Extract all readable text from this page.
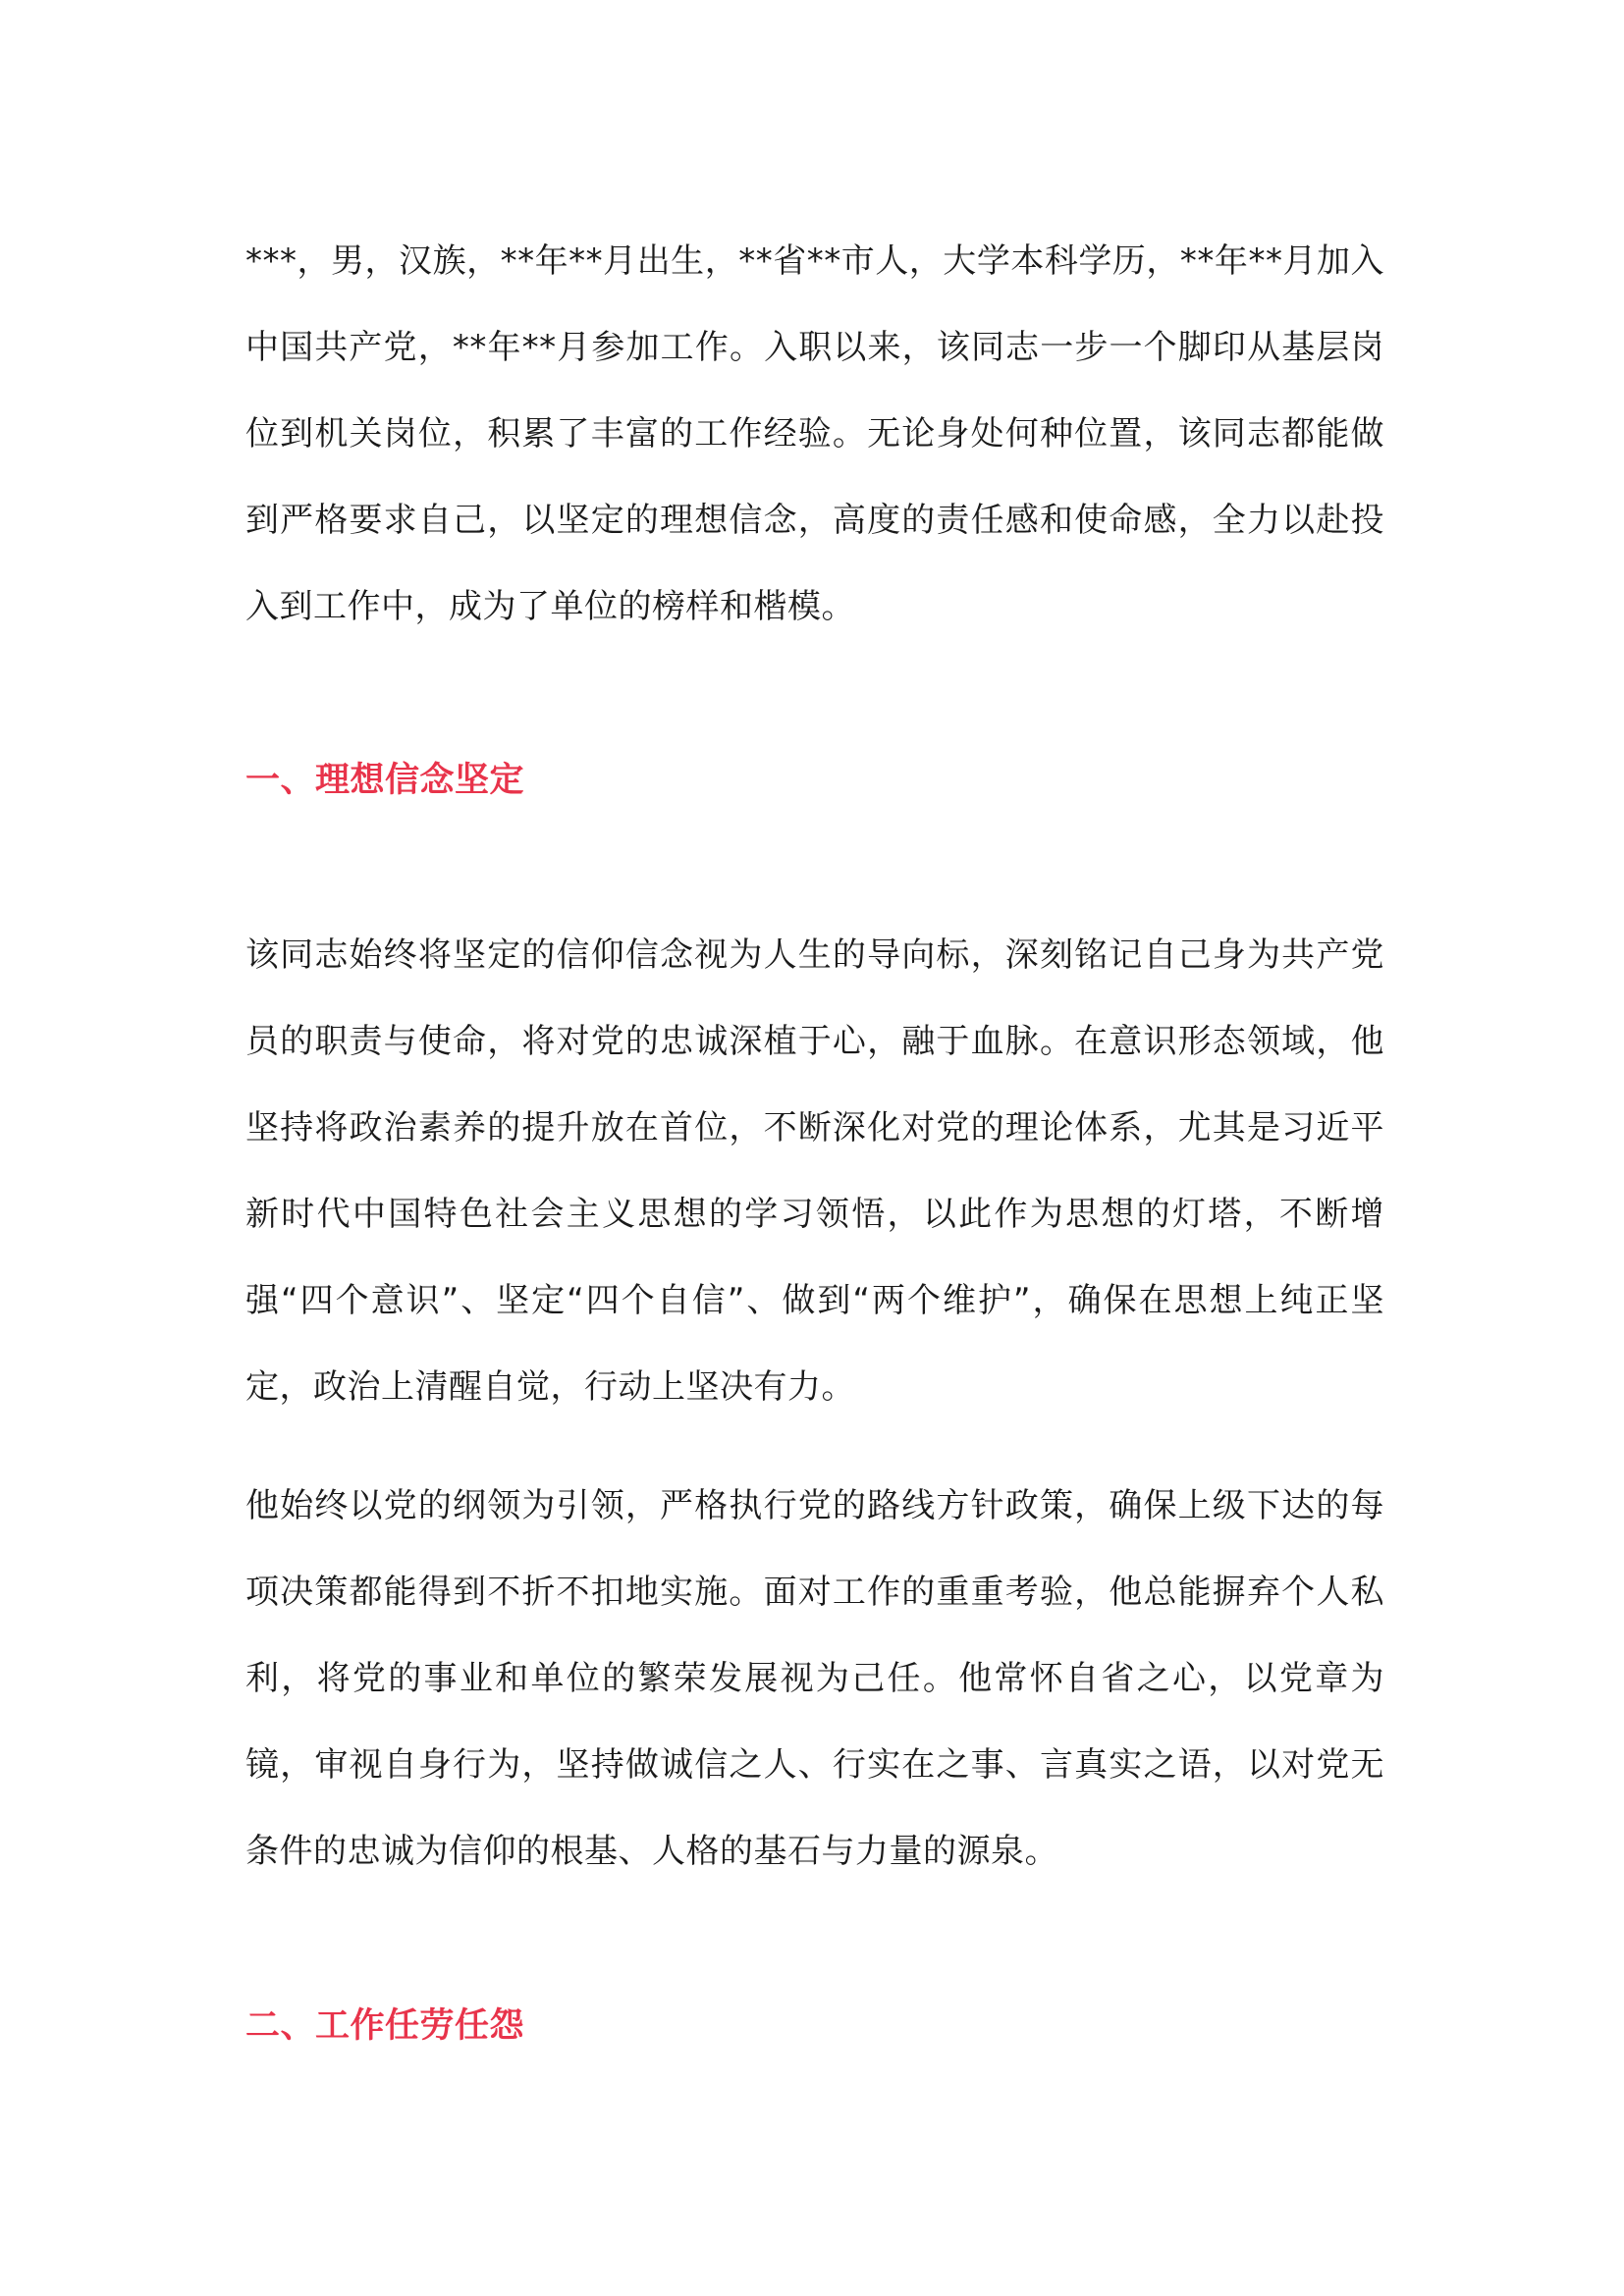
***，男，汉族，**年**月出生，**省**市人，大学本科学历，**年**月加入中国共产党，**年**月参加工作。入职以来，该同志一步一个脚印从基层岗位到机关岗位，积累了丰富的工作经验。无论身处何种位置，该同志都能做到严格要求自己，以坚定的理想信念，高度的责任感和使命感，全力以赴投入到工作中，成为了单位的榜样和楷模。

一、理想信念坚定

该同志始终将坚定的信仰信念视为人生的导向标，深刻铭记自己身为共产党员的职责与使命，将对党的忠诚深植于心，融于血脉。在意识形态领域，他坚持将政治素养的提升放在首位，不断深化对党的理论体系，尤其是习近平新时代中国特色社会主义思想的学习领悟，以此作为思想的灯塔，不断增强“四个意识”、坚定“四个自信”、做到“两个维护”，确保在思想上纯正坚定，政治上清醒自觉，行动上坚决有力。

他始终以党的纲领为引领，严格执行党的路线方针政策，确保上级下达的每项决策都能得到不折不扣地实施。面对工作的重重考验，他总能摒弃个人私利，将党的事业和单位的繁荣发展视为己任。他常怀自省之心，以党章为镜，审视自身行为，坚持做诚信之人、行实在之事、言真实之语，以对党无条件的忠诚为信仰的根基、人格的基石与力量的源泉。

二、工作任劳任怨
